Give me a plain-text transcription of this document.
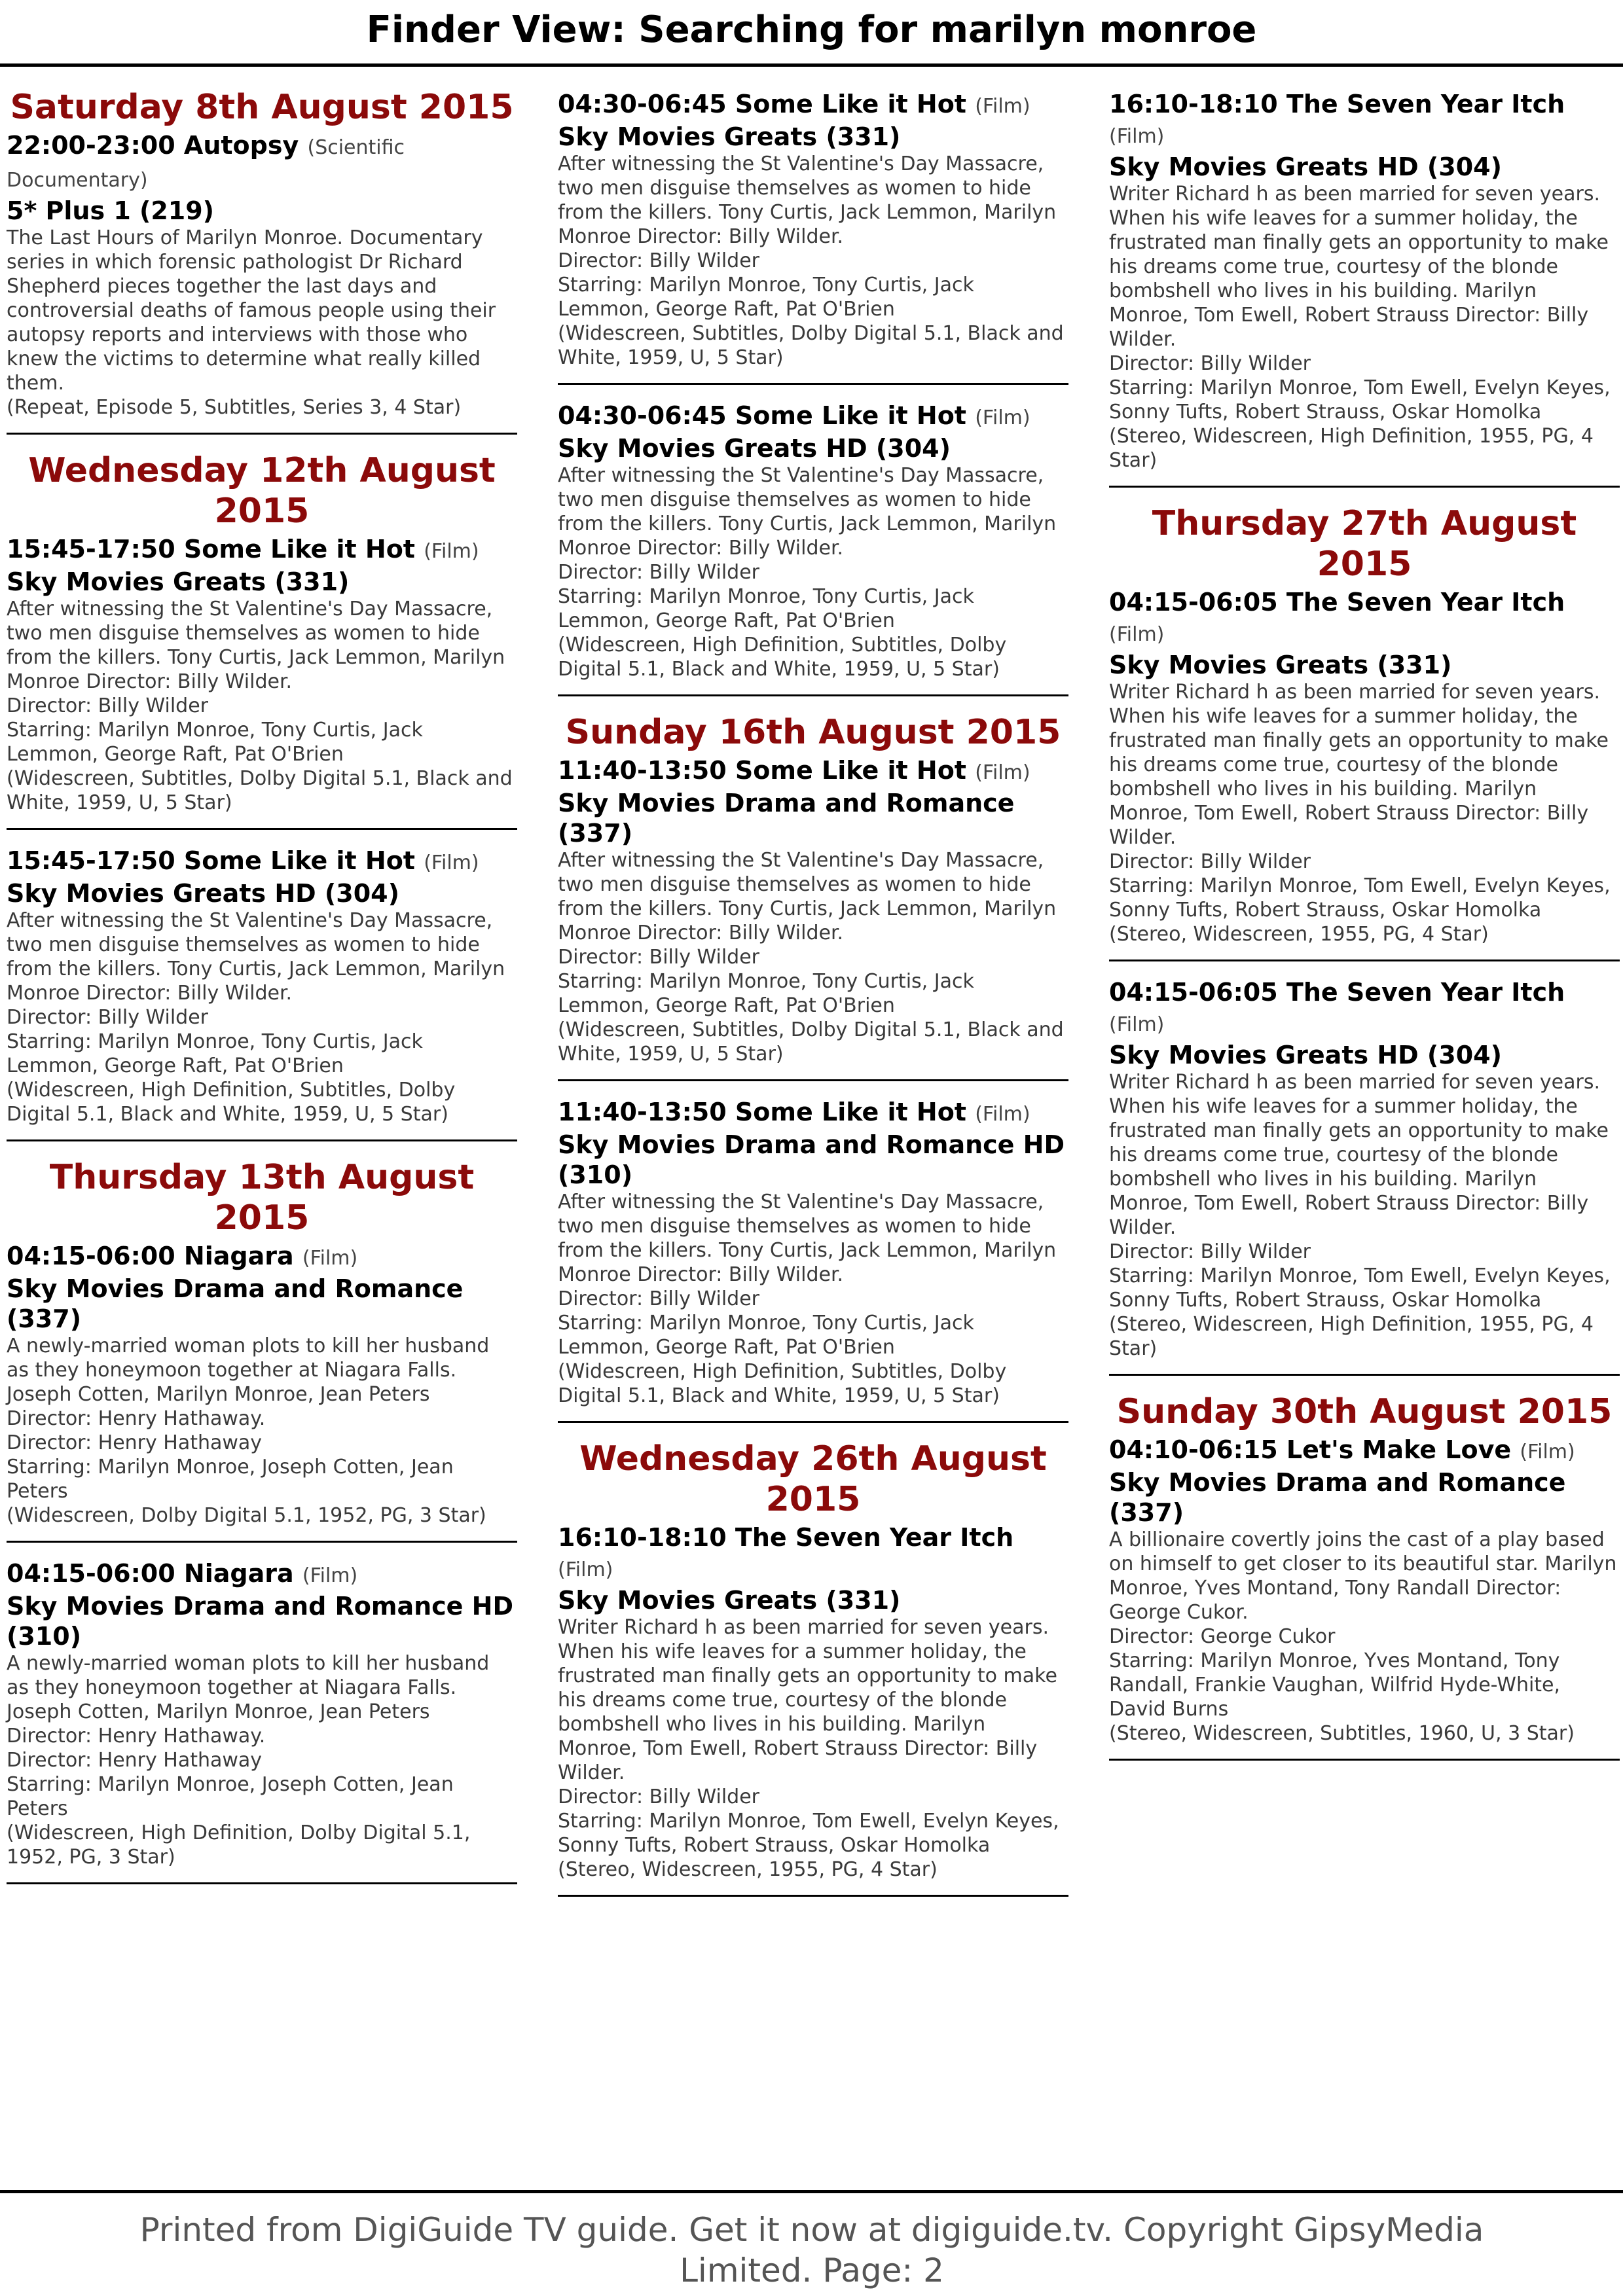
Finder View: Searching for marilyn monroe
Saturday 8th August 2015
22:00-23:00 Autopsy (Scientific Documentary)
5* Plus 1 (219)
The Last Hours of Marilyn Monroe. Documentary series in which forensic pathologist Dr Richard Shepherd pieces together the last days and controversial deaths of famous people using their autopsy reports and interviews with those who knew the victims to determine what really killed them.
(Repeat, Episode 5, Subtitles, Series 3, 4 Star)
Wednesday 12th August 2015
15:45-17:50 Some Like it Hot (Film)
Sky Movies Greats (331)
After witnessing the St Valentine's Day Massacre, two men disguise themselves as women to hide from the killers. Tony Curtis, Jack Lemmon, Marilyn Monroe Director: Billy Wilder.
Director: Billy Wilder
Starring: Marilyn Monroe, Tony Curtis, Jack Lemmon, George Raft, Pat O'Brien
(Widescreen, Subtitles, Dolby Digital 5.1, Black and White, 1959, U, 5 Star)
15:45-17:50 Some Like it Hot (Film)
Sky Movies Greats HD (304)
After witnessing the St Valentine's Day Massacre, two men disguise themselves as women to hide from the killers. Tony Curtis, Jack Lemmon, Marilyn Monroe Director: Billy Wilder.
Director: Billy Wilder
Starring: Marilyn Monroe, Tony Curtis, Jack Lemmon, George Raft, Pat O'Brien
(Widescreen, High Definition, Subtitles, Dolby Digital 5.1, Black and White, 1959, U, 5 Star)
Thursday 13th August 2015
04:15-06:00 Niagara (Film)
Sky Movies Drama and Romance (337)
A newly-married woman plots to kill her husband as they honeymoon together at Niagara Falls. Joseph Cotten, Marilyn Monroe, Jean Peters Director: Henry Hathaway.
Director: Henry Hathaway
Starring: Marilyn Monroe, Joseph Cotten, Jean Peters
(Widescreen, Dolby Digital 5.1, 1952, PG, 3 Star)
04:15-06:00 Niagara (Film)
Sky Movies Drama and Romance HD (310)
A newly-married woman plots to kill her husband as they honeymoon together at Niagara Falls. Joseph Cotten, Marilyn Monroe, Jean Peters Director: Henry Hathaway.
Director: Henry Hathaway
Starring: Marilyn Monroe, Joseph Cotten, Jean Peters
(Widescreen, High Definition, Dolby Digital 5.1, 1952, PG, 3 Star)
04:30-06:45 Some Like it Hot (Film)
Sky Movies Greats (331)
After witnessing the St Valentine's Day Massacre, two men disguise themselves as women to hide from the killers. Tony Curtis, Jack Lemmon, Marilyn Monroe Director: Billy Wilder.
Director: Billy Wilder
Starring: Marilyn Monroe, Tony Curtis, Jack Lemmon, George Raft, Pat O'Brien
(Widescreen, Subtitles, Dolby Digital 5.1, Black and White, 1959, U, 5 Star)
04:30-06:45 Some Like it Hot (Film)
Sky Movies Greats HD (304)
After witnessing the St Valentine's Day Massacre, two men disguise themselves as women to hide from the killers. Tony Curtis, Jack Lemmon, Marilyn Monroe Director: Billy Wilder.
Director: Billy Wilder
Starring: Marilyn Monroe, Tony Curtis, Jack Lemmon, George Raft, Pat O'Brien
(Widescreen, High Definition, Subtitles, Dolby Digital 5.1, Black and White, 1959, U, 5 Star)
Sunday 16th August 2015
11:40-13:50 Some Like it Hot (Film)
Sky Movies Drama and Romance (337)
After witnessing the St Valentine's Day Massacre, two men disguise themselves as women to hide from the killers. Tony Curtis, Jack Lemmon, Marilyn Monroe Director: Billy Wilder.
Director: Billy Wilder
Starring: Marilyn Monroe, Tony Curtis, Jack Lemmon, George Raft, Pat O'Brien
(Widescreen, Subtitles, Dolby Digital 5.1, Black and White, 1959, U, 5 Star)
11:40-13:50 Some Like it Hot (Film)
Sky Movies Drama and Romance HD (310)
After witnessing the St Valentine's Day Massacre, two men disguise themselves as women to hide from the killers. Tony Curtis, Jack Lemmon, Marilyn Monroe Director: Billy Wilder.
Director: Billy Wilder
Starring: Marilyn Monroe, Tony Curtis, Jack Lemmon, George Raft, Pat O'Brien
(Widescreen, High Definition, Subtitles, Dolby Digital 5.1, Black and White, 1959, U, 5 Star)
Wednesday 26th August 2015
16:10-18:10 The Seven Year Itch (Film)
Sky Movies Greats (331)
Writer Richard h as been married for seven years. When his wife leaves for a summer holiday, the frustrated man finally gets an opportunity to make his dreams come true, courtesy of the blonde bombshell who lives in his building. Marilyn Monroe, Tom Ewell, Robert Strauss Director: Billy Wilder.
Director: Billy Wilder
Starring: Marilyn Monroe, Tom Ewell, Evelyn Keyes, Sonny Tufts, Robert Strauss, Oskar Homolka
(Stereo, Widescreen, 1955, PG, 4 Star)
16:10-18:10 The Seven Year Itch (Film)
Sky Movies Greats HD (304)
Writer Richard h as been married for seven years. When his wife leaves for a summer holiday, the frustrated man finally gets an opportunity to make his dreams come true, courtesy of the blonde bombshell who lives in his building. Marilyn Monroe, Tom Ewell, Robert Strauss Director: Billy Wilder.
Director: Billy Wilder
Starring: Marilyn Monroe, Tom Ewell, Evelyn Keyes, Sonny Tufts, Robert Strauss, Oskar Homolka
(Stereo, Widescreen, High Definition, 1955, PG, 4 Star)
Thursday 27th August 2015
04:15-06:05 The Seven Year Itch (Film)
Sky Movies Greats (331)
Writer Richard h as been married for seven years. When his wife leaves for a summer holiday, the frustrated man finally gets an opportunity to make his dreams come true, courtesy of the blonde bombshell who lives in his building. Marilyn Monroe, Tom Ewell, Robert Strauss Director: Billy Wilder.
Director: Billy Wilder
Starring: Marilyn Monroe, Tom Ewell, Evelyn Keyes, Sonny Tufts, Robert Strauss, Oskar Homolka
(Stereo, Widescreen, 1955, PG, 4 Star)
04:15-06:05 The Seven Year Itch (Film)
Sky Movies Greats HD (304)
Writer Richard h as been married for seven years. When his wife leaves for a summer holiday, the frustrated man finally gets an opportunity to make his dreams come true, courtesy of the blonde bombshell who lives in his building. Marilyn Monroe, Tom Ewell, Robert Strauss Director: Billy Wilder.
Director: Billy Wilder
Starring: Marilyn Monroe, Tom Ewell, Evelyn Keyes, Sonny Tufts, Robert Strauss, Oskar Homolka
(Stereo, Widescreen, High Definition, 1955, PG, 4 Star)
Sunday 30th August 2015
04:10-06:15 Let's Make Love (Film)
Sky Movies Drama and Romance (337)
A billionaire covertly joins the cast of a play based on himself to get closer to its beautiful star. Marilyn Monroe, Yves Montand, Tony Randall Director: George Cukor.
Director: George Cukor
Starring: Marilyn Monroe, Yves Montand, Tony Randall, Frankie Vaughan, Wilfrid Hyde-White, David Burns
(Stereo, Widescreen, Subtitles, 1960, U, 3 Star)
Printed from DigiGuide TV guide. Get it now at digiguide.tv. Copyright GipsyMedia Limited. Page: 2
